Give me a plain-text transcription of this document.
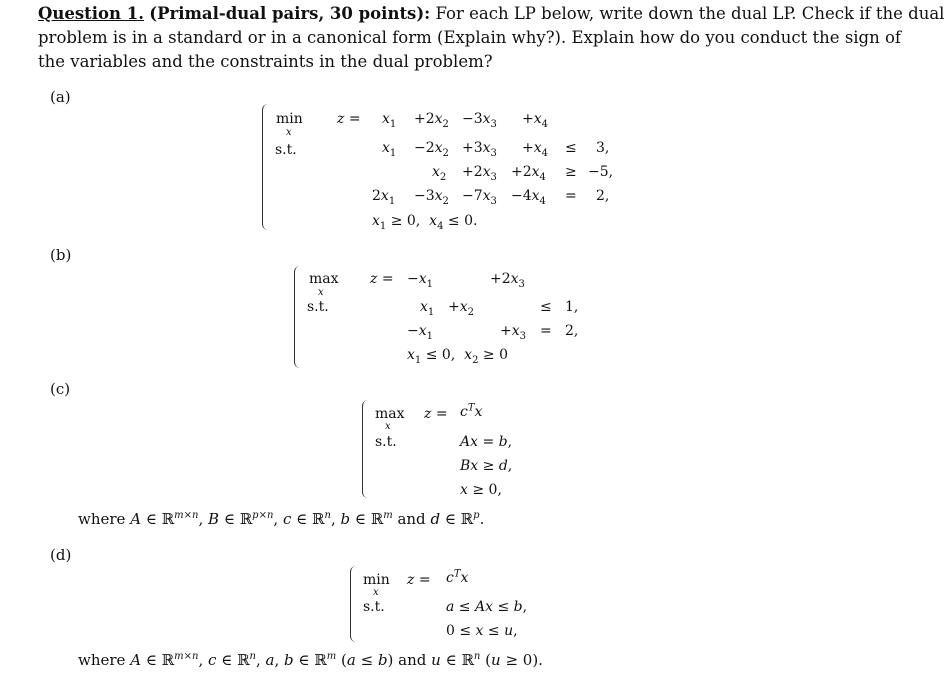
Question 1. (Primal-dual pairs, 30 points): For each LP below, write down the dual LP. Check if the dual
problem is in a standard or in a canonical form (Explain why?). Explain how do you conduct the sign of
the variables and the constraints in the dual problem?
(a)
min
x
s.t.
$z = x_1 +2x_2 -3x_3 +x_4$
$x_1 -2x_2 +3x_3 +x_4 \le 3$,
$x_2 +2x_3 +2x_4 \ge -5$,
$2x_1 -3x_2 -7x_3 -4x_4 = 2$,
$x_1 \ge 0$,  $x_4 \le 0$.
(b)
max
x
s.t.
$z = -x_1$	$+2x_3$
$x_1 +x_2$	≤ 1,
$-x_1$	$+x_3 = 2$,
$x_1 \le 0$,  $x_2 \ge 0$
(c)
max
x
s.t.
$z = c^Tx$
Ax = b,
Bx ≥ d,
x ≥ 0,
where A ∈ ℝ$^{m\times n}$, B ∈ ℝ$^{p\times n}$, c ∈ ℝ$^n$, b ∈ ℝ$^m$ and d ∈ ℝ$^p$.
(d)
min
x
s.t.
$z = c^Tx$
a ≤ Ax ≤ b,
0 ≤ x ≤ u,
where A ∈ ℝ$^{m\times n}$, c ∈ ℝ$^n$, a, b ∈ ℝ$^m$ (a ≤ b) and u ∈ ℝ$^n$ (u ≥ 0).
